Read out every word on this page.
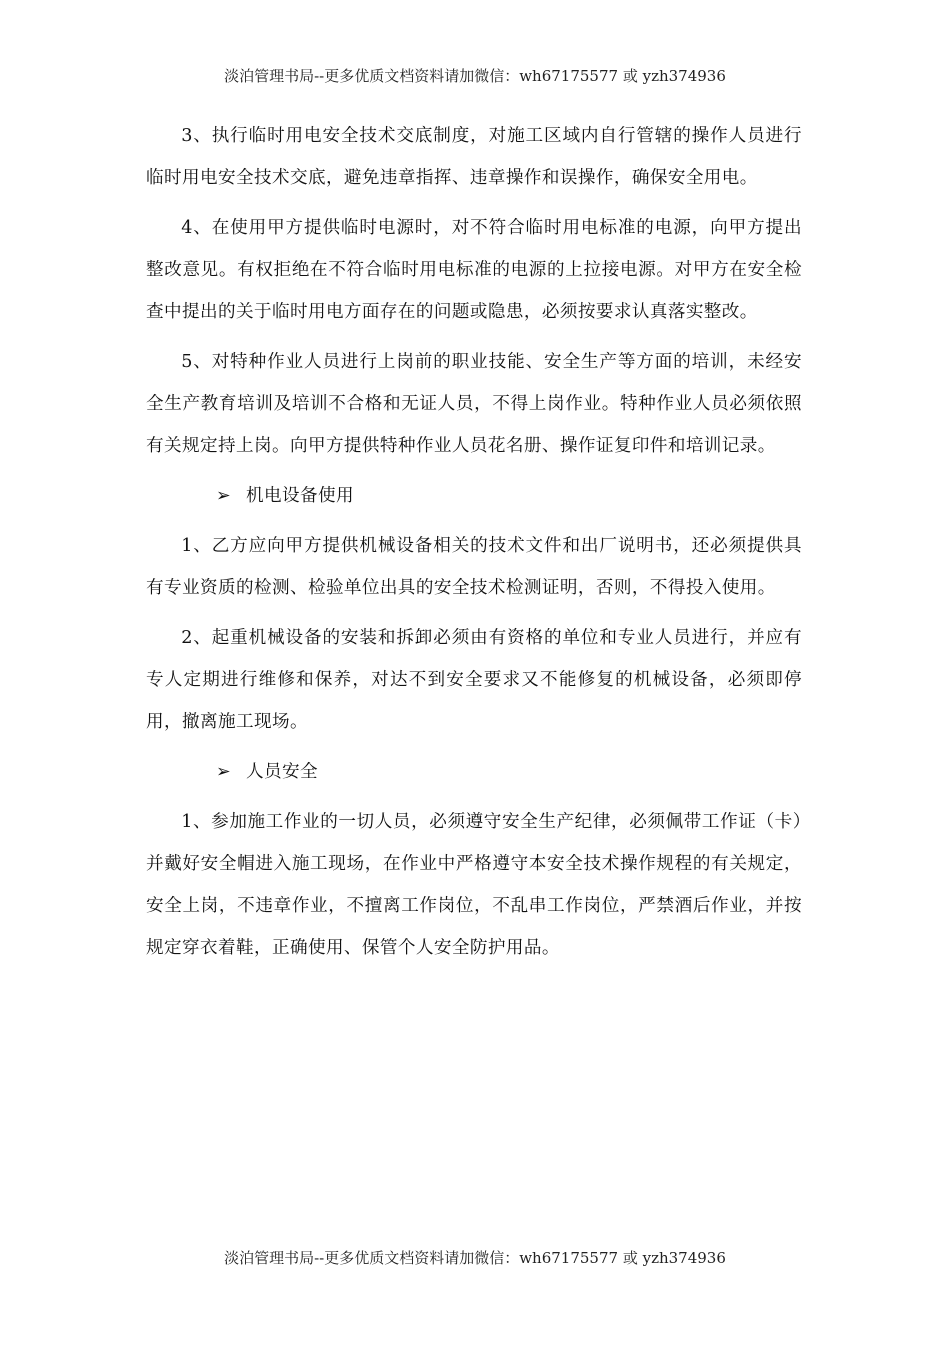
淡泊管理书局--更多优质文档资料请加微信：wh67175577 或 yzh374936

3、执行临时用电安全技术交底制度，对施工区域内自行管辖的操作人员进行临时用电安全技术交底，避免违章指挥、违章操作和误操作，确保安全用电。

4、在使用甲方提供临时电源时，对不符合临时用电标准的电源，向甲方提出整改意见。有权拒绝在不符合临时用电标准的电源的上拉接电源。对甲方在安全检查中提出的关于临时用电方面存在的问题或隐患，必须按要求认真落实整改。

5、对特种作业人员进行上岗前的职业技能、安全生产等方面的培训，未经安全生产教育培训及培训不合格和无证人员，不得上岗作业。特种作业人员必须依照有关规定持上岗。向甲方提供特种作业人员花名册、操作证复印件和培训记录。

➢ 机电设备使用

1、乙方应向甲方提供机械设备相关的技术文件和出厂说明书，还必须提供具有专业资质的检测、检验单位出具的安全技术检测证明，否则，不得投入使用。

2、起重机械设备的安装和拆卸必须由有资格的单位和专业人员进行，并应有专人定期进行维修和保养，对达不到安全要求又不能修复的机械设备，必须即停用，撤离施工现场。

➢ 人员安全

1、参加施工作业的一切人员，必须遵守安全生产纪律，必须佩带工作证（卡）并戴好安全帽进入施工现场，在作业中严格遵守本安全技术操作规程的有关规定，安全上岗，不违章作业，不擅离工作岗位，不乱串工作岗位，严禁酒后作业，并按规定穿衣着鞋，正确使用、保管个人安全防护用品。

淡泊管理书局--更多优质文档资料请加微信：wh67175577 或 yzh374936
